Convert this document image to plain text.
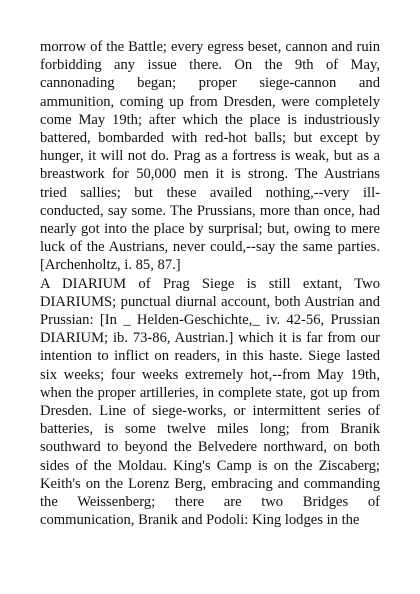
morrow of the Battle; every egress beset, cannon and ruin forbidding any issue there. On the 9th of May, cannonading began; proper siege-cannon and ammunition, coming up from Dresden, were completely come May 19th; after which the place is industriously battered, bombarded with red-hot balls; but except by hunger, it will not do. Prag as a fortress is weak, but as a breastwork for 50,000 men it is strong. The Austrians tried sallies; but these availed nothing,--very ill-conducted, say some. The Prussians, more than once, had nearly got into the place by surprisal; but, owing to mere luck of the Austrians, never could,--say the same parties. [Archenholtz, i. 85, 87.]

A DIARIUM of Prag Siege is still extant, Two DIARIUMS; punctual diurnal account, both Austrian and Prussian: [In _ Helden-Geschichte,_ iv. 42-56, Prussian DIARIUM; ib. 73-86, Austrian.] which it is far from our intention to inflict on readers, in this haste. Siege lasted six weeks; four weeks extremely hot,--from May 19th, when the proper artilleries, in complete state, got up from Dresden. Line of siege-works, or intermittent series of batteries, is some twelve miles long; from Branik southward to beyond the Belvedere northward, on both sides of the Moldau. King's Camp is on the Ziscaberg; Keith's on the Lorenz Berg, embracing and commanding the Weissenberg; there are two Bridges of communication, Branik and Podoli: King lodges in the
